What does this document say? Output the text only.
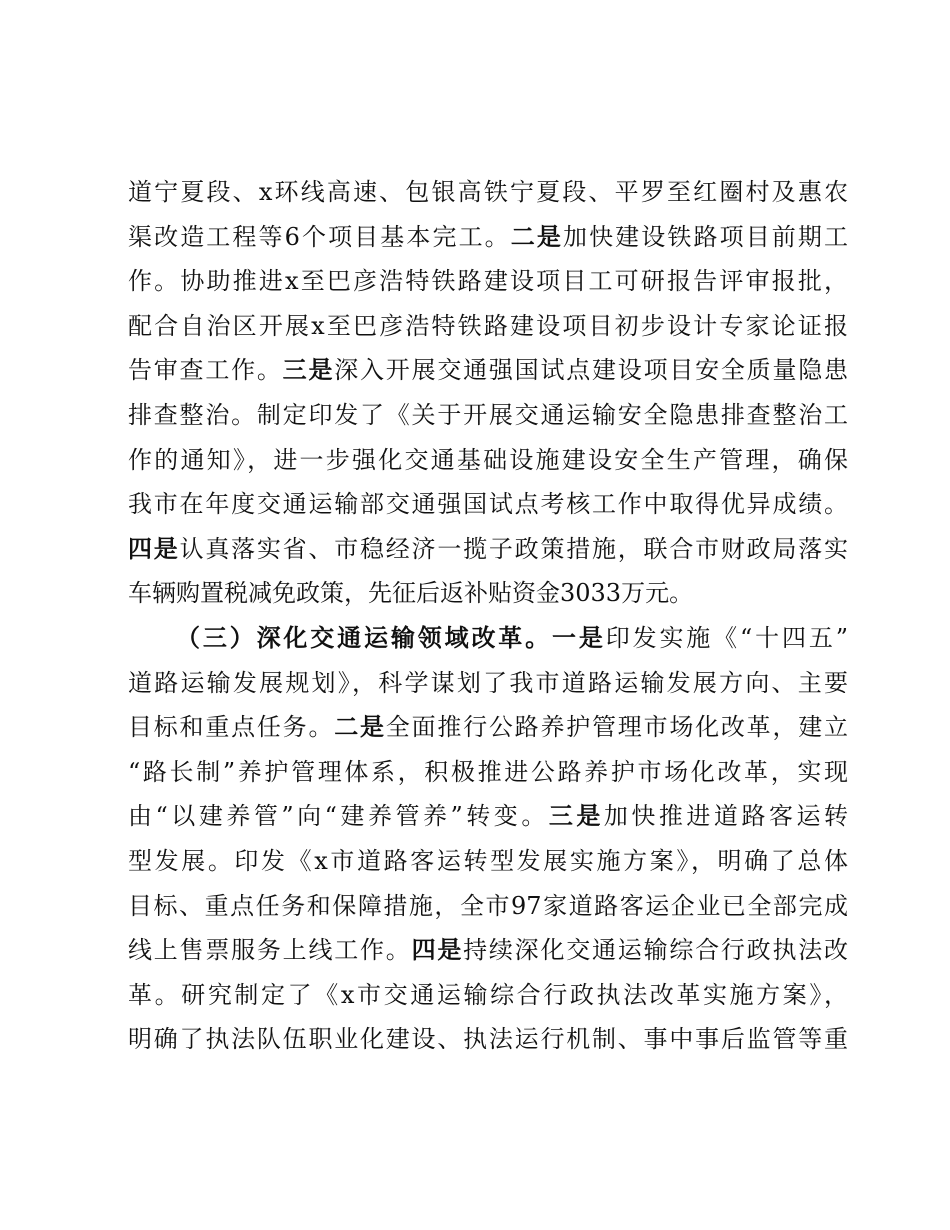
道宁夏段、x环线高速、包银高铁宁夏段、平罗至红圈村及惠农
渠改造工程等6个项目基本完工。二是加快建设铁路项目前期工
作。协助推进x至巴彦浩特铁路建设项目工可研报告评审报批，
配合自治区开展x至巴彦浩特铁路建设项目初步设计专家论证报
告审查工作。三是深入开展交通强国试点建设项目安全质量隐患
排查整治。制定印发了《关于开展交通运输安全隐患排查整治工
作的通知》，进一步强化交通基础设施建设安全生产管理，确保
我市在年度交通运输部交通强国试点考核工作中取得优异成绩。
四是认真落实省、市稳经济一揽子政策措施，联合市财政局落实
车辆购置税减免政策，先征后返补贴资金3033万元。
（三）深化交通运输领域改革。一是印发实施《“十四五”
道路运输发展规划》，科学谋划了我市道路运输发展方向、主要
目标和重点任务。二是全面推行公路养护管理市场化改革，建立
“路长制”养护管理体系，积极推进公路养护市场化改革，实现
由“以建养管”向“建养管养”转变。三是加快推进道路客运转
型发展。印发《x市道路客运转型发展实施方案》，明确了总体
目标、重点任务和保障措施，全市97家道路客运企业已全部完成
线上售票服务上线工作。四是持续深化交通运输综合行政执法改
革。研究制定了《x市交通运输综合行政执法改革实施方案》，
明确了执法队伍职业化建设、执法运行机制、事中事后监管等重
